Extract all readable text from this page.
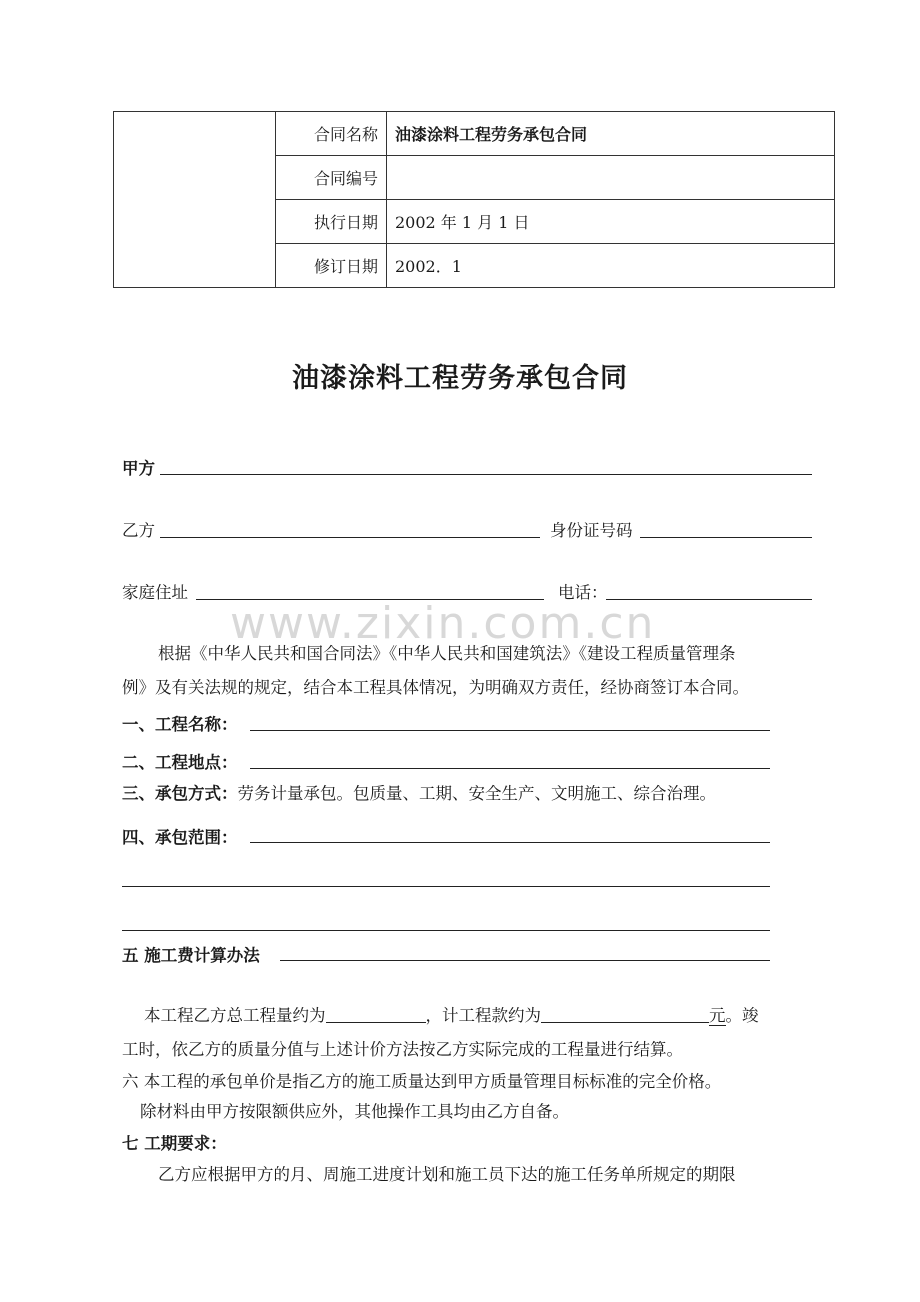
	合同名称	油漆涂料工程劳务承包合同
	合同编号	
	执行日期	2002 年 1 月 1 日
	修订日期	2002．1
油漆涂料工程劳务承包合同
www.zixin.com.cn
甲方
乙方	身份证号码
家庭住址	电话：
根据《中华人民共和国合同法》《中华人民共和国建筑法》《建设工程质量管理条
例》及有关法规的规定，结合本工程具体情况，为明确双方责任，经协商签订本合同。
一、工程名称：
二、工程地点：
三、承包方式：劳务计量承包。包质量、工期、安全生产、文明施工、综合治理。
四、承包范围：
五 施工费计算办法
本工程乙方总工程量约为	，计工程款约为	元。竣
工时，依乙方的质量分值与上述计价方法按乙方实际完成的工程量进行结算。
六 本工程的承包单价是指乙方的施工质量达到甲方质量管理目标标准的完全价格。
除材料由甲方按限额供应外，其他操作工具均由乙方自备。
七 工期要求：
乙方应根据甲方的月、周施工进度计划和施工员下达的施工任务单所规定的期限
